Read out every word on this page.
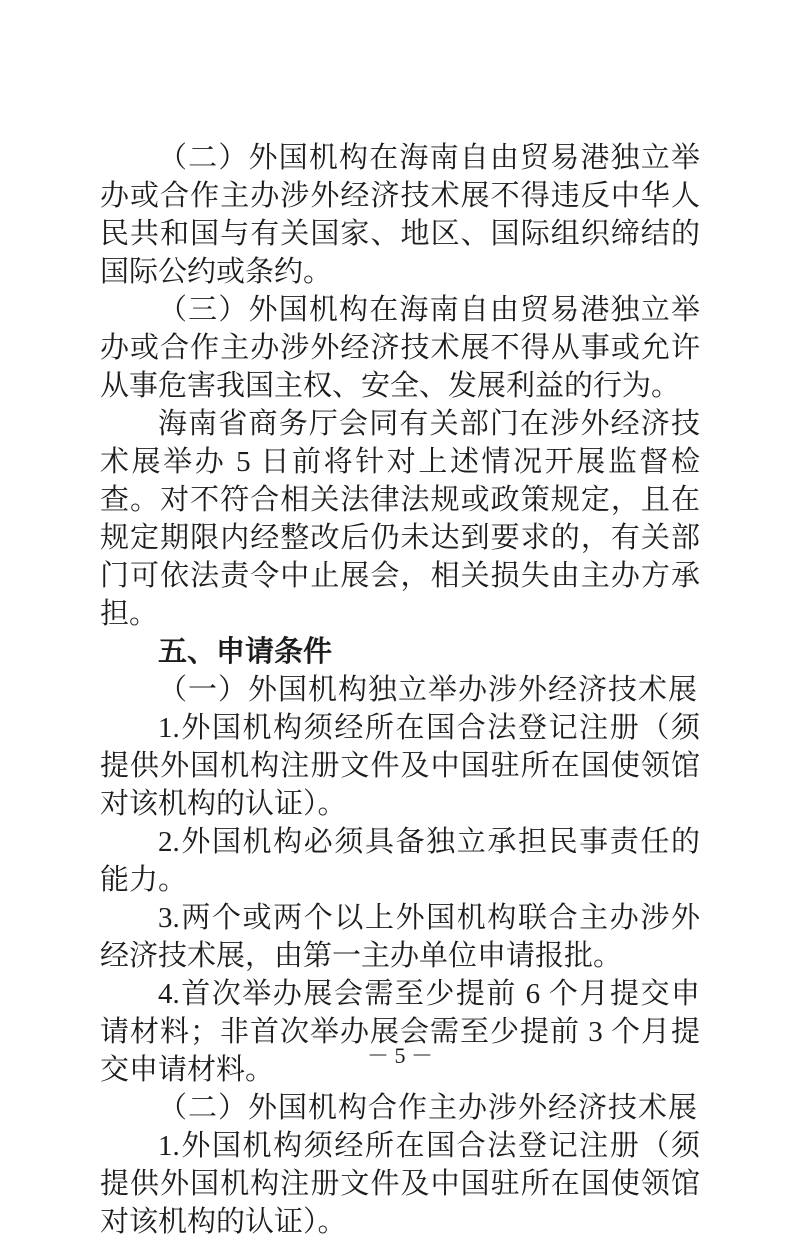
（二）外国机构在海南自由贸易港独立举办或合作主办涉外经济技术展不得违反中华人民共和国与有关国家、地区、国际组织缔结的国际公约或条约。

（三）外国机构在海南自由贸易港独立举办或合作主办涉外经济技术展不得从事或允许从事危害我国主权、安全、发展利益的行为。

海南省商务厅会同有关部门在涉外经济技术展举办 5 日前将针对上述情况开展监督检查。对不符合相关法律法规或政策规定，且在规定期限内经整改后仍未达到要求的，有关部门可依法责令中止展会，相关损失由主办方承担。

五、申请条件

（一）外国机构独立举办涉外经济技术展

1.外国机构须经所在国合法登记注册（须提供外国机构注册文件及中国驻所在国使领馆对该机构的认证）。

2.外国机构必须具备独立承担民事责任的能力。

3.两个或两个以上外国机构联合主办涉外经济技术展，由第一主办单位申请报批。

4.首次举办展会需至少提前 6 个月提交申请材料；非首次举办展会需至少提前 3 个月提交申请材料。

（二）外国机构合作主办涉外经济技术展

1.外国机构须经所在国合法登记注册（须提供外国机构注册文件及中国驻所在国使领馆对该机构的认证）。

－ 5 －
